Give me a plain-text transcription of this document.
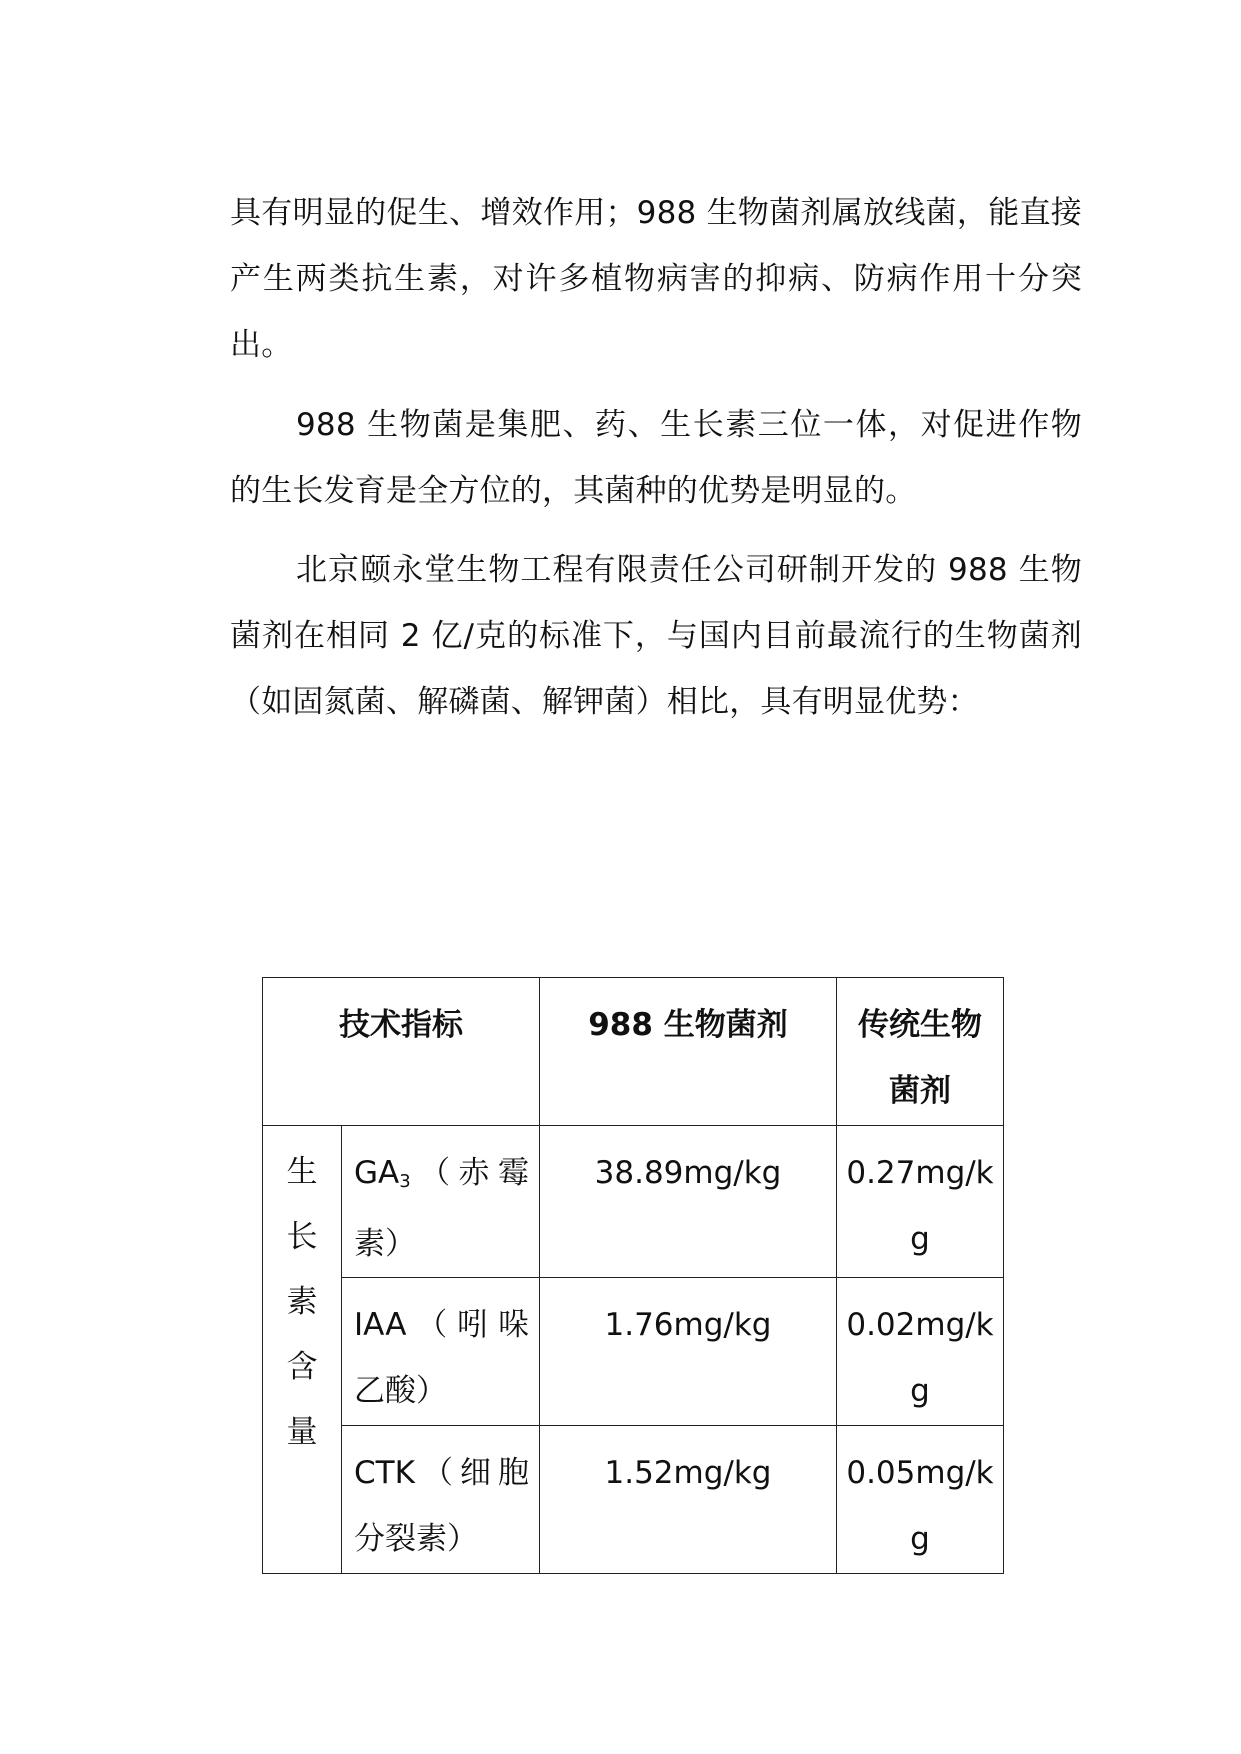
具有明显的促生、增效作用；988 生物菌剂属放线菌，能直接产生两类抗生素，对许多植物病害的抑病、防病作用十分突出。

988 生物菌是集肥、药、生长素三位一体，对促进作物的生长发育是全方位的，其菌种的优势是明显的。

北京颐永堂生物工程有限责任公司研制开发的 988 生物菌剂在相同 2 亿/克的标准下，与国内目前最流行的生物菌剂（如固氮菌、解磷菌、解钾菌）相比，具有明显优势：

技术指标		988 生物菌剂	传统生物菌剂

生
长
素
含
量	$GA_3$（赤霉素）	38.89mg/kg	0.27mg/kg
	IAA（吲哚乙酸）	1.76mg/kg	0.02mg/kg
	CTK（细胞分裂素）	1.52mg/kg	0.05mg/kg
